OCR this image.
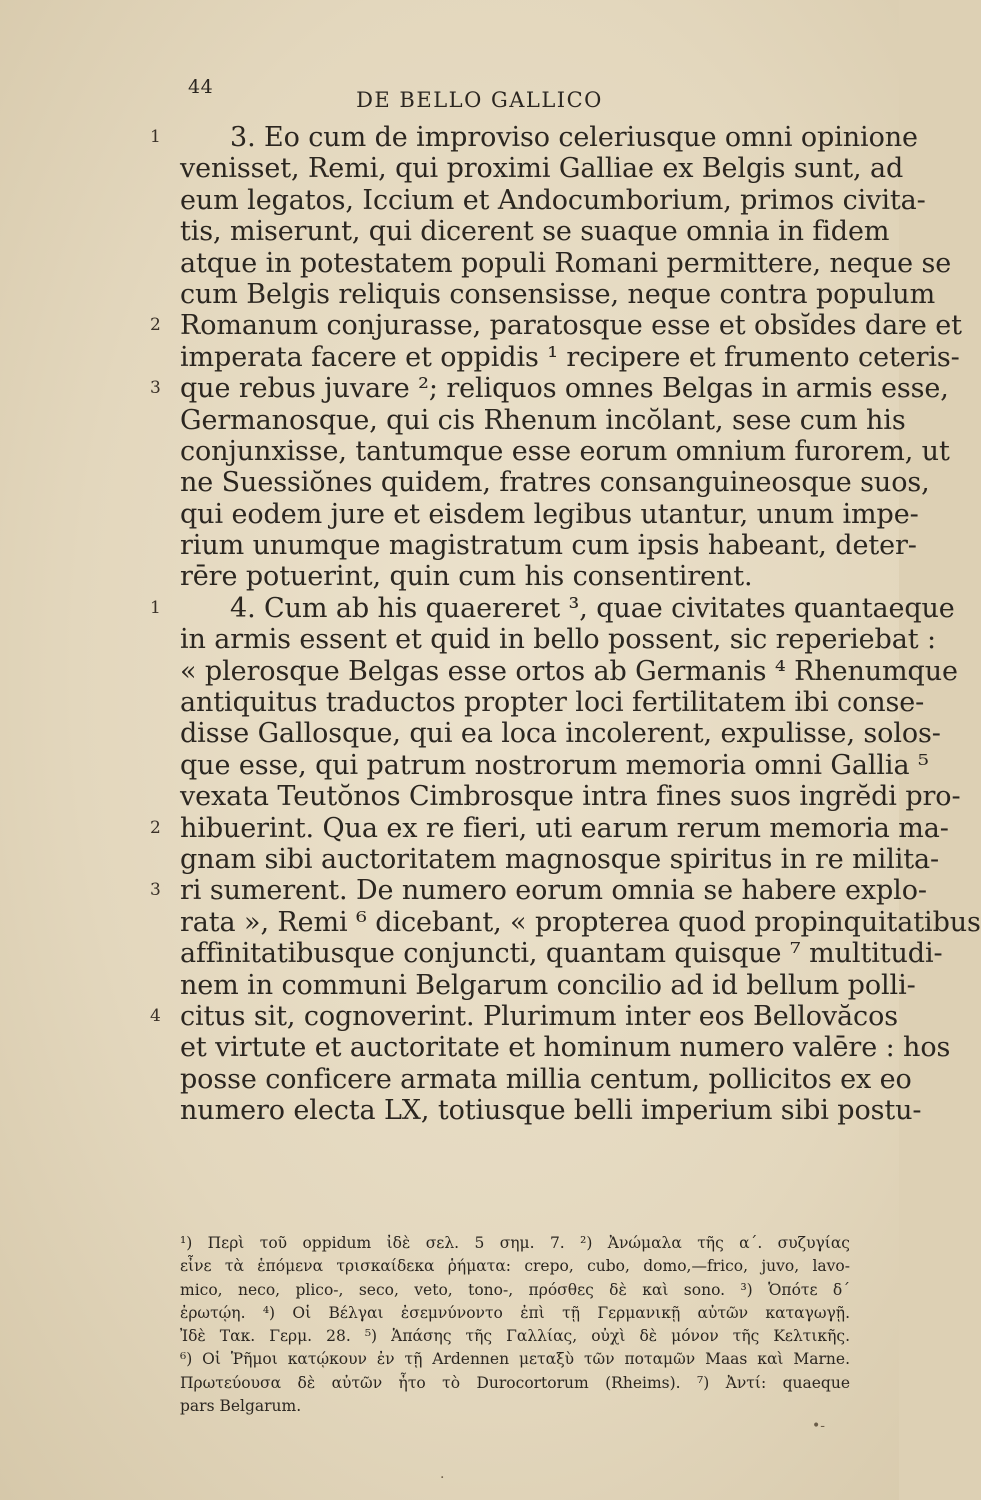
44
DE BELLO GALLICO
1	3. Eo cum de improviso celeriusque omni opinione
venisset, Remi, qui proximi Galliae ex Belgis sunt, ad
eum legatos, Iccium et Andocumborium, primos civita-
tis, miserunt, qui dicerent se suaque omnia in fidem
atque in potestatem populi Romani permittere, neque se
cum Belgis reliquis consensisse, neque contra populum
2 Romanum conjurasse, paratosque esse et obsĭdes dare et
imperata facere et oppidis ¹ recipere et frumento ceteris-
3 que rebus juvare ²; reliquos omnes Belgas in armis esse,
Germanosque, qui cis Rhenum incŏlant, sese cum his
conjunxisse, tantumque esse eorum omnium furorem, ut
ne Suessiŏnes quidem, fratres consanguineosque suos,
qui eodem jure et eisdem legibus utantur, unum impe-
rium unumque magistratum cum ipsis habeant, deter-
rēre potuerint, quin cum his consentirent.
1	4. Cum ab his quaereret ³, quae civitates quantaeque
in armis essent et quid in bello possent, sic reperiebat :
« plerosque Belgas esse ortos ab Germanis ⁴ Rhenumque
antiquitus traductos propter loci fertilitatem ibi conse-
disse Gallosque, qui ea loca incolerent, expulisse, solos-
que esse, qui patrum nostrorum memoria omni Gallia ⁵
vexata Teutŏnos Cimbrosque intra fines suos ingrĕdi pro-
2 hibuerint. Qua ex re fieri, uti earum rerum memoria ma-
gnam sibi auctoritatem magnosque spiritus in re milita-
3 ri sumerent. De numero eorum omnia se habere explo-
rata », Remi ⁶ dicebant, « propterea quod propinquitatibus
affinitatibusque conjuncti, quantam quisque ⁷ multitudi-
nem in communi Belgarum concilio ad id bellum polli-
4 citus sit, cognoverint. Plurimum inter eos Bellovăcos
et virtute et auctoritate et hominum numero valēre : hos
posse conficere armata millia centum, pollicitos ex eo
numero electa LX, totiusque belli imperium sibi postu-
¹) Περὶ τοῦ oppidum ἰδὲ σελ. 5 σημ. 7. ²) Ἀνώμαλα τῆς α΄. συζυγίας
εἶνε τὰ ἑπόμενα τρισκαίδεκα ῥήματα: crepo, cubo, domo,—frico, juvo, lavo-
mico, neco, plico-, seco, veto, tono-, πρόσθες δὲ καὶ sono. ³) Ὁπότε δ΄
ἐρωτῴη. ⁴) Οἱ Βέλγαι ἐσεμνύνοντο ἐπὶ τῇ Γερμανικῇ αὐτῶν καταγωγῇ.
Ἰδὲ Τακ. Γερμ. 28. ⁵) Ἁπάσης τῆς Γαλλίας, οὐχὶ δὲ μόνον τῆς Κελτικῆς.
⁶) Οἱ Ῥῆμοι κατῴκουν ἐν τῇ Ardennen μεταξὺ τῶν ποταμῶν Maas καὶ Marne.
Πρωτεύουσα δὲ αὐτῶν ἦτο τὸ Durocortorum (Rheims). ⁷) Ἀντί: quaeque
pars Belgarum.
•-
·
